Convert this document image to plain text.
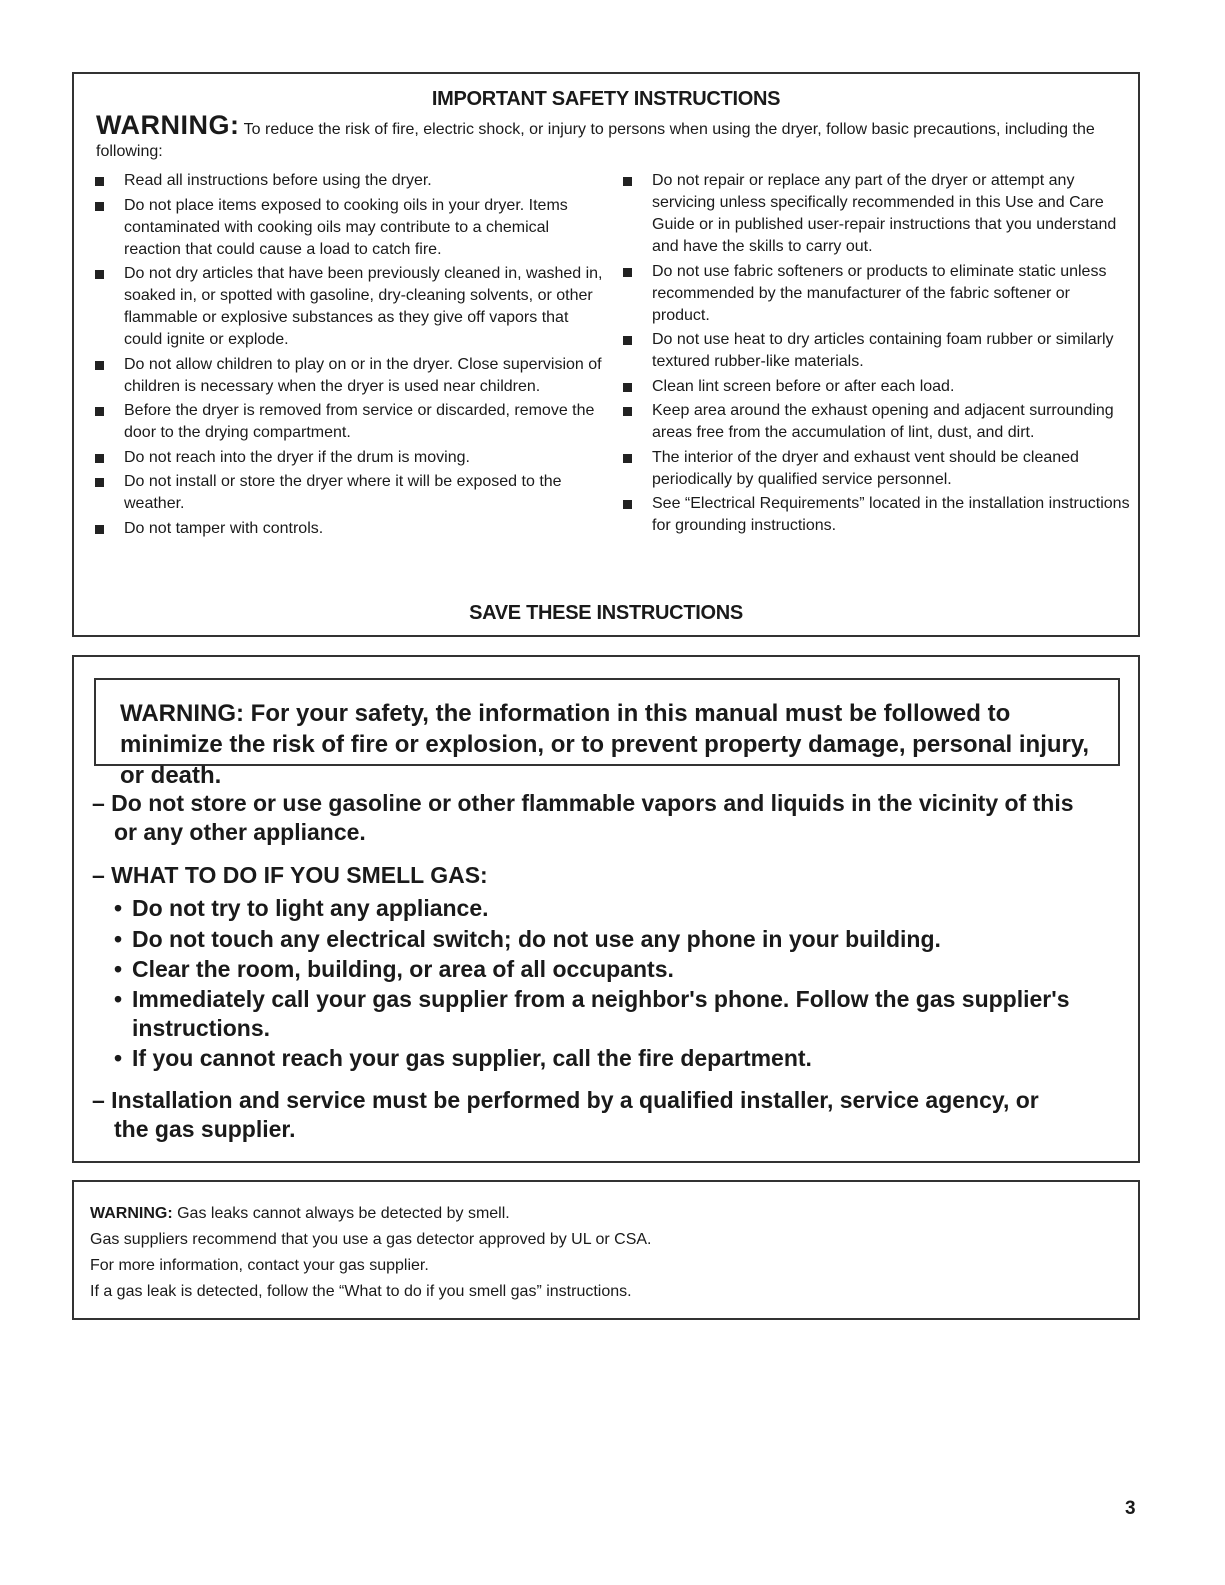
IMPORTANT SAFETY INSTRUCTIONS
WARNING: To reduce the risk of fire, electric shock, or injury to persons when using the dryer, follow basic precautions, including the following:
Read all instructions before using the dryer.
Do not place items exposed to cooking oils in your dryer. Items contaminated with cooking oils may contribute to a chemical reaction that could cause a load to catch fire.
Do not dry articles that have been previously cleaned in, washed in, soaked in, or spotted with gasoline, dry-cleaning solvents, or other flammable or explosive substances as they give off vapors that could ignite or explode.
Do not allow children to play on or in the dryer. Close supervision of children is necessary when the dryer is used near children.
Before the dryer is removed from service or discarded, remove the door to the drying compartment.
Do not reach into the dryer if the drum is moving.
Do not install or store the dryer where it will be exposed to the weather.
Do not tamper with controls.
Do not repair or replace any part of the dryer or attempt any servicing unless specifically recommended in this Use and Care Guide or in published user-repair instructions that you understand and have the skills to carry out.
Do not use fabric softeners or products to eliminate static unless recommended by the manufacturer of the fabric softener or product.
Do not use heat to dry articles containing foam rubber or similarly textured rubber-like materials.
Clean lint screen before or after each load.
Keep area around the exhaust opening and adjacent surrounding areas free from the accumulation of lint, dust, and dirt.
The interior of the dryer and exhaust vent should be cleaned periodically by qualified service personnel.
See “Electrical Requirements” located in the installation instructions for grounding instructions.
SAVE THESE INSTRUCTIONS
WARNING: For your safety, the information in this manual must be followed to minimize the risk of fire or explosion, or to prevent property damage, personal injury, or death.
– Do not store or use gasoline or other flammable vapors and liquids in the vicinity of this
or any other appliance.
– WHAT TO DO IF YOU SMELL GAS:
• Do not try to light any appliance.
• Do not touch any electrical switch; do not use any phone in your building.
• Clear the room, building, or area of all occupants.
• Immediately call your gas supplier from a neighbor's phone. Follow the gas supplier's
instructions.
• If you cannot reach your gas supplier, call the fire department.
– Installation and service must be performed by a qualified installer, service agency, or
the gas supplier.

WARNING: Gas leaks cannot always be detected by smell.

Gas suppliers recommend that you use a gas detector approved by UL or CSA.

For more information, contact your gas supplier.

If a gas leak is detected, follow the “What to do if you smell gas” instructions.

3
